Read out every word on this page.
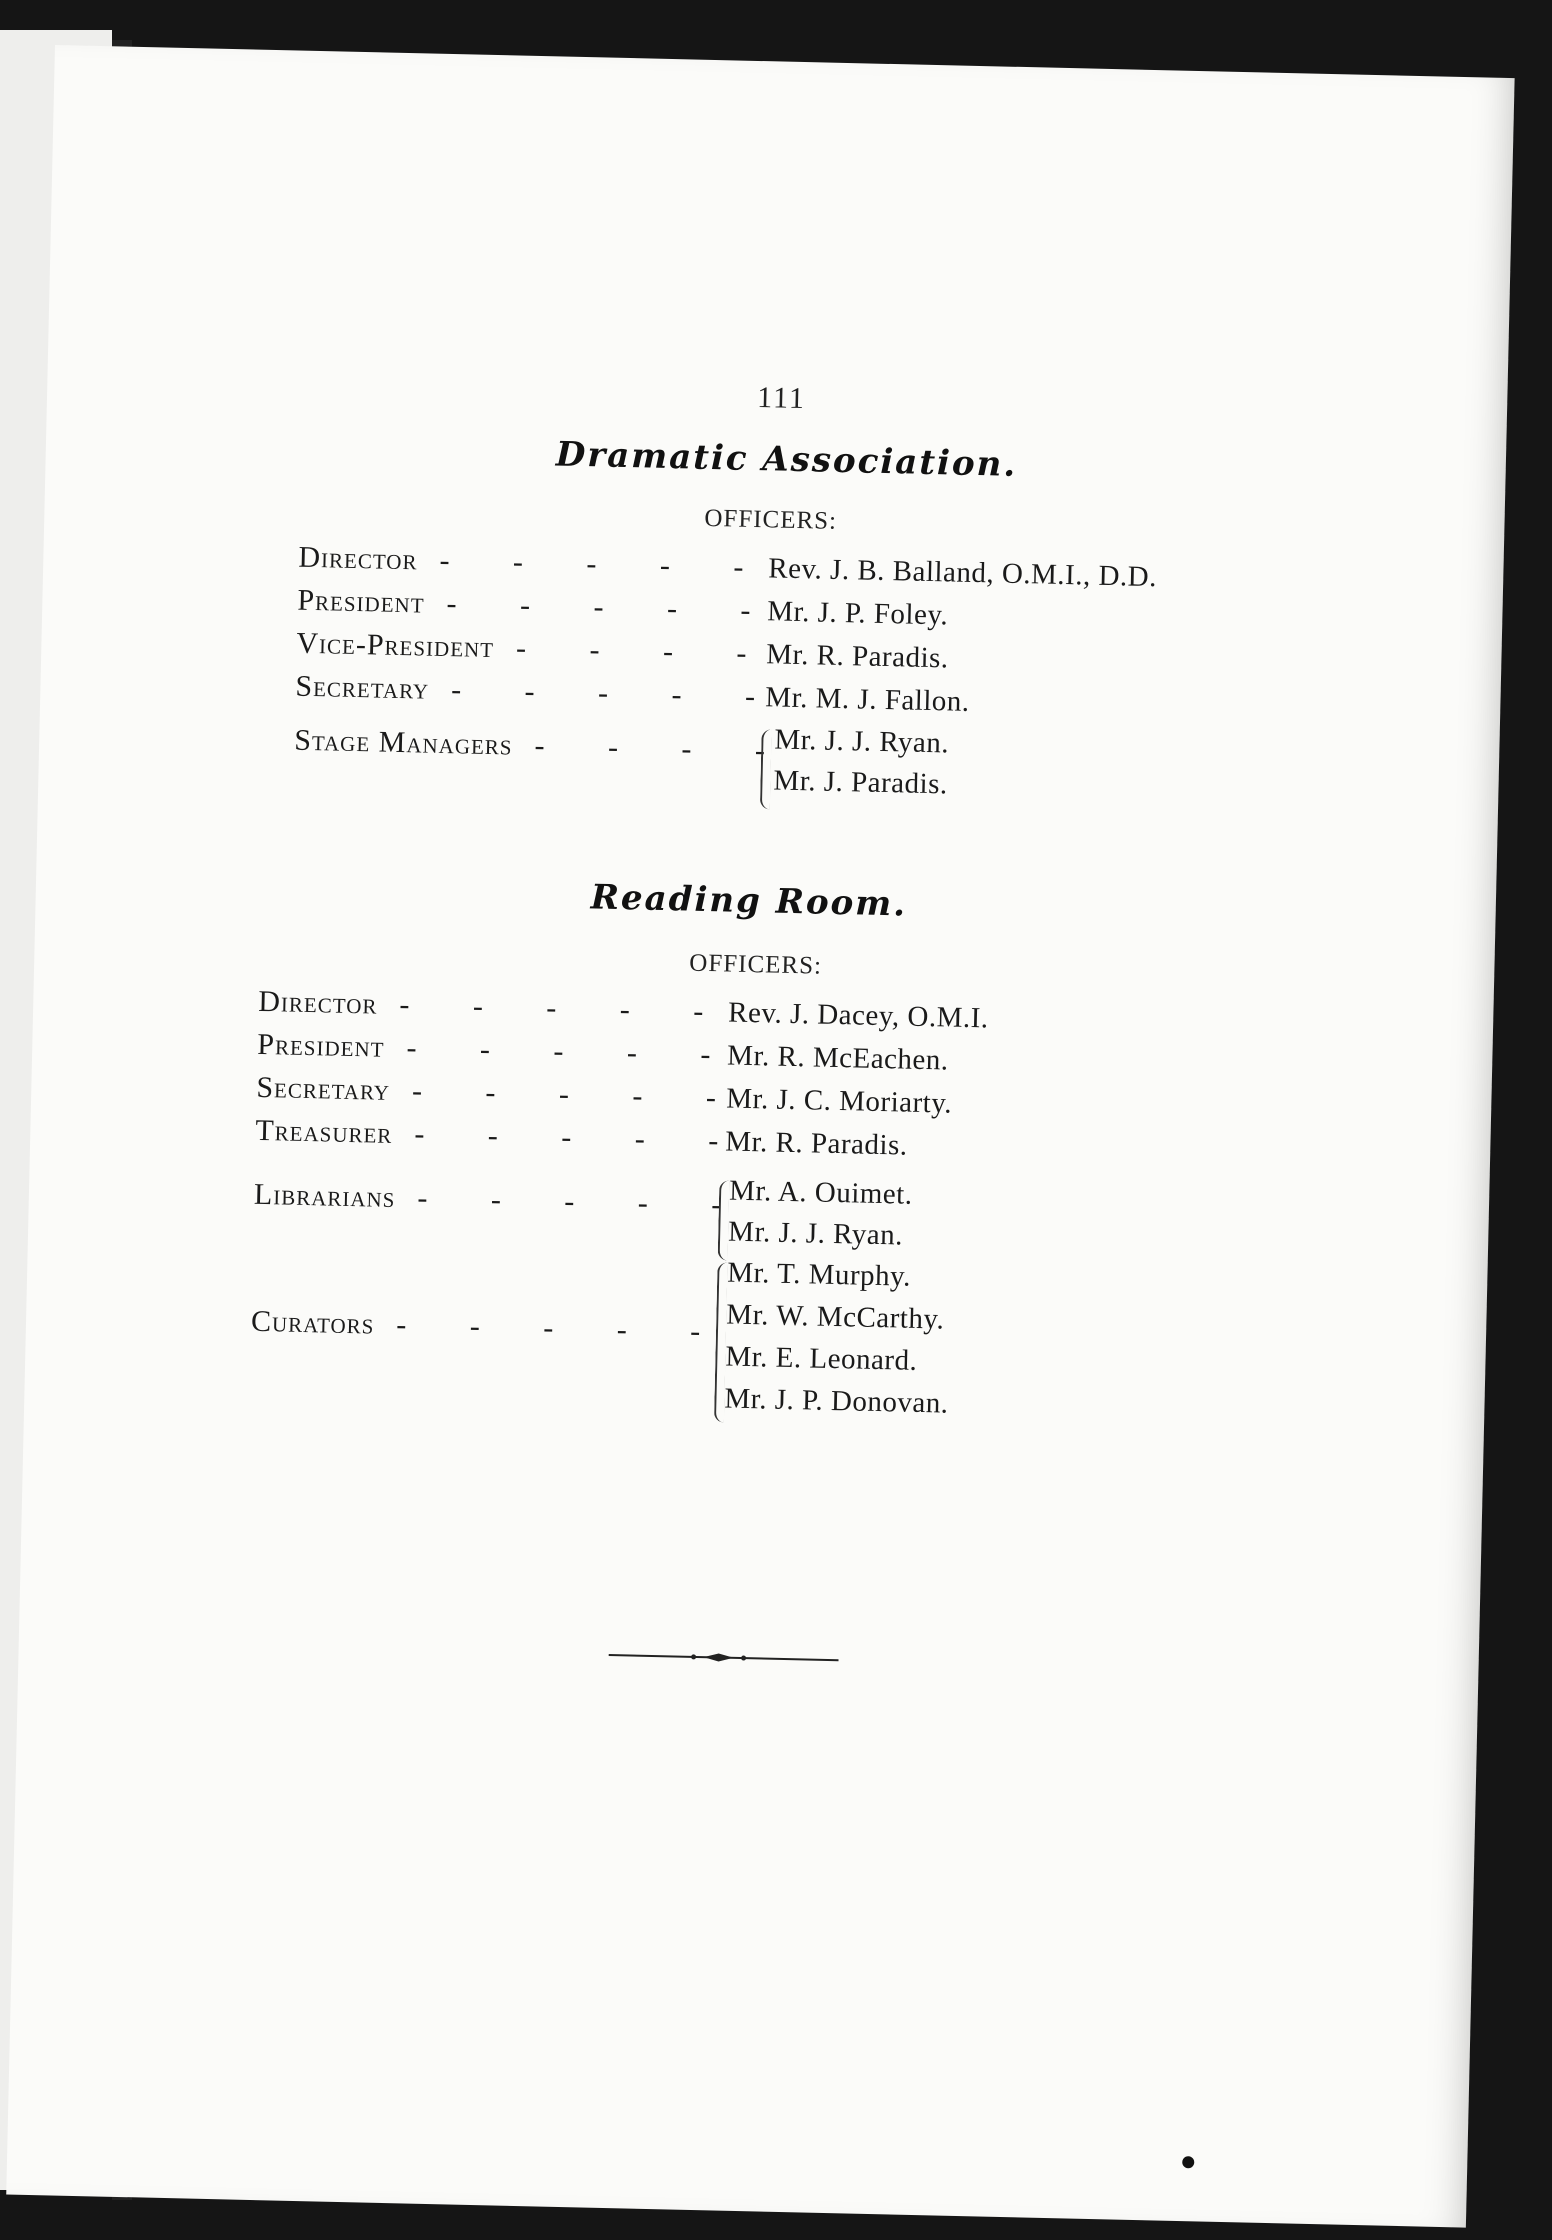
111
Dramatic Association.
OFFICERS:
Director - - - - -
Rev. J. B. Balland, O.M.I., D.D.
President - - - - -
Mr. J. P. Foley.
Vice-President - - - -
Mr. R. Paradis.
Secretary - - - - -
Mr. M. J. Fallon.
Stage Managers - - - -
Mr. J. J. Ryan.
Mr. J. Paradis.
Reading Room.
OFFICERS:
Director - - - - -
Rev. J. Dacey, O.M.I.
President - - - - -
Mr. R. McEachen.
Secretary - - - - -
Mr. J. C. Moriarty.
Treasurer - - - - -
Mr. R. Paradis.
Librarians - - - - -
Mr. A. Ouimet.
Mr. J. J. Ryan.
Curators - - - - -
Mr. T. Murphy.
Mr. W. McCarthy.
Mr. E. Leonard.
Mr. J. P. Donovan.
